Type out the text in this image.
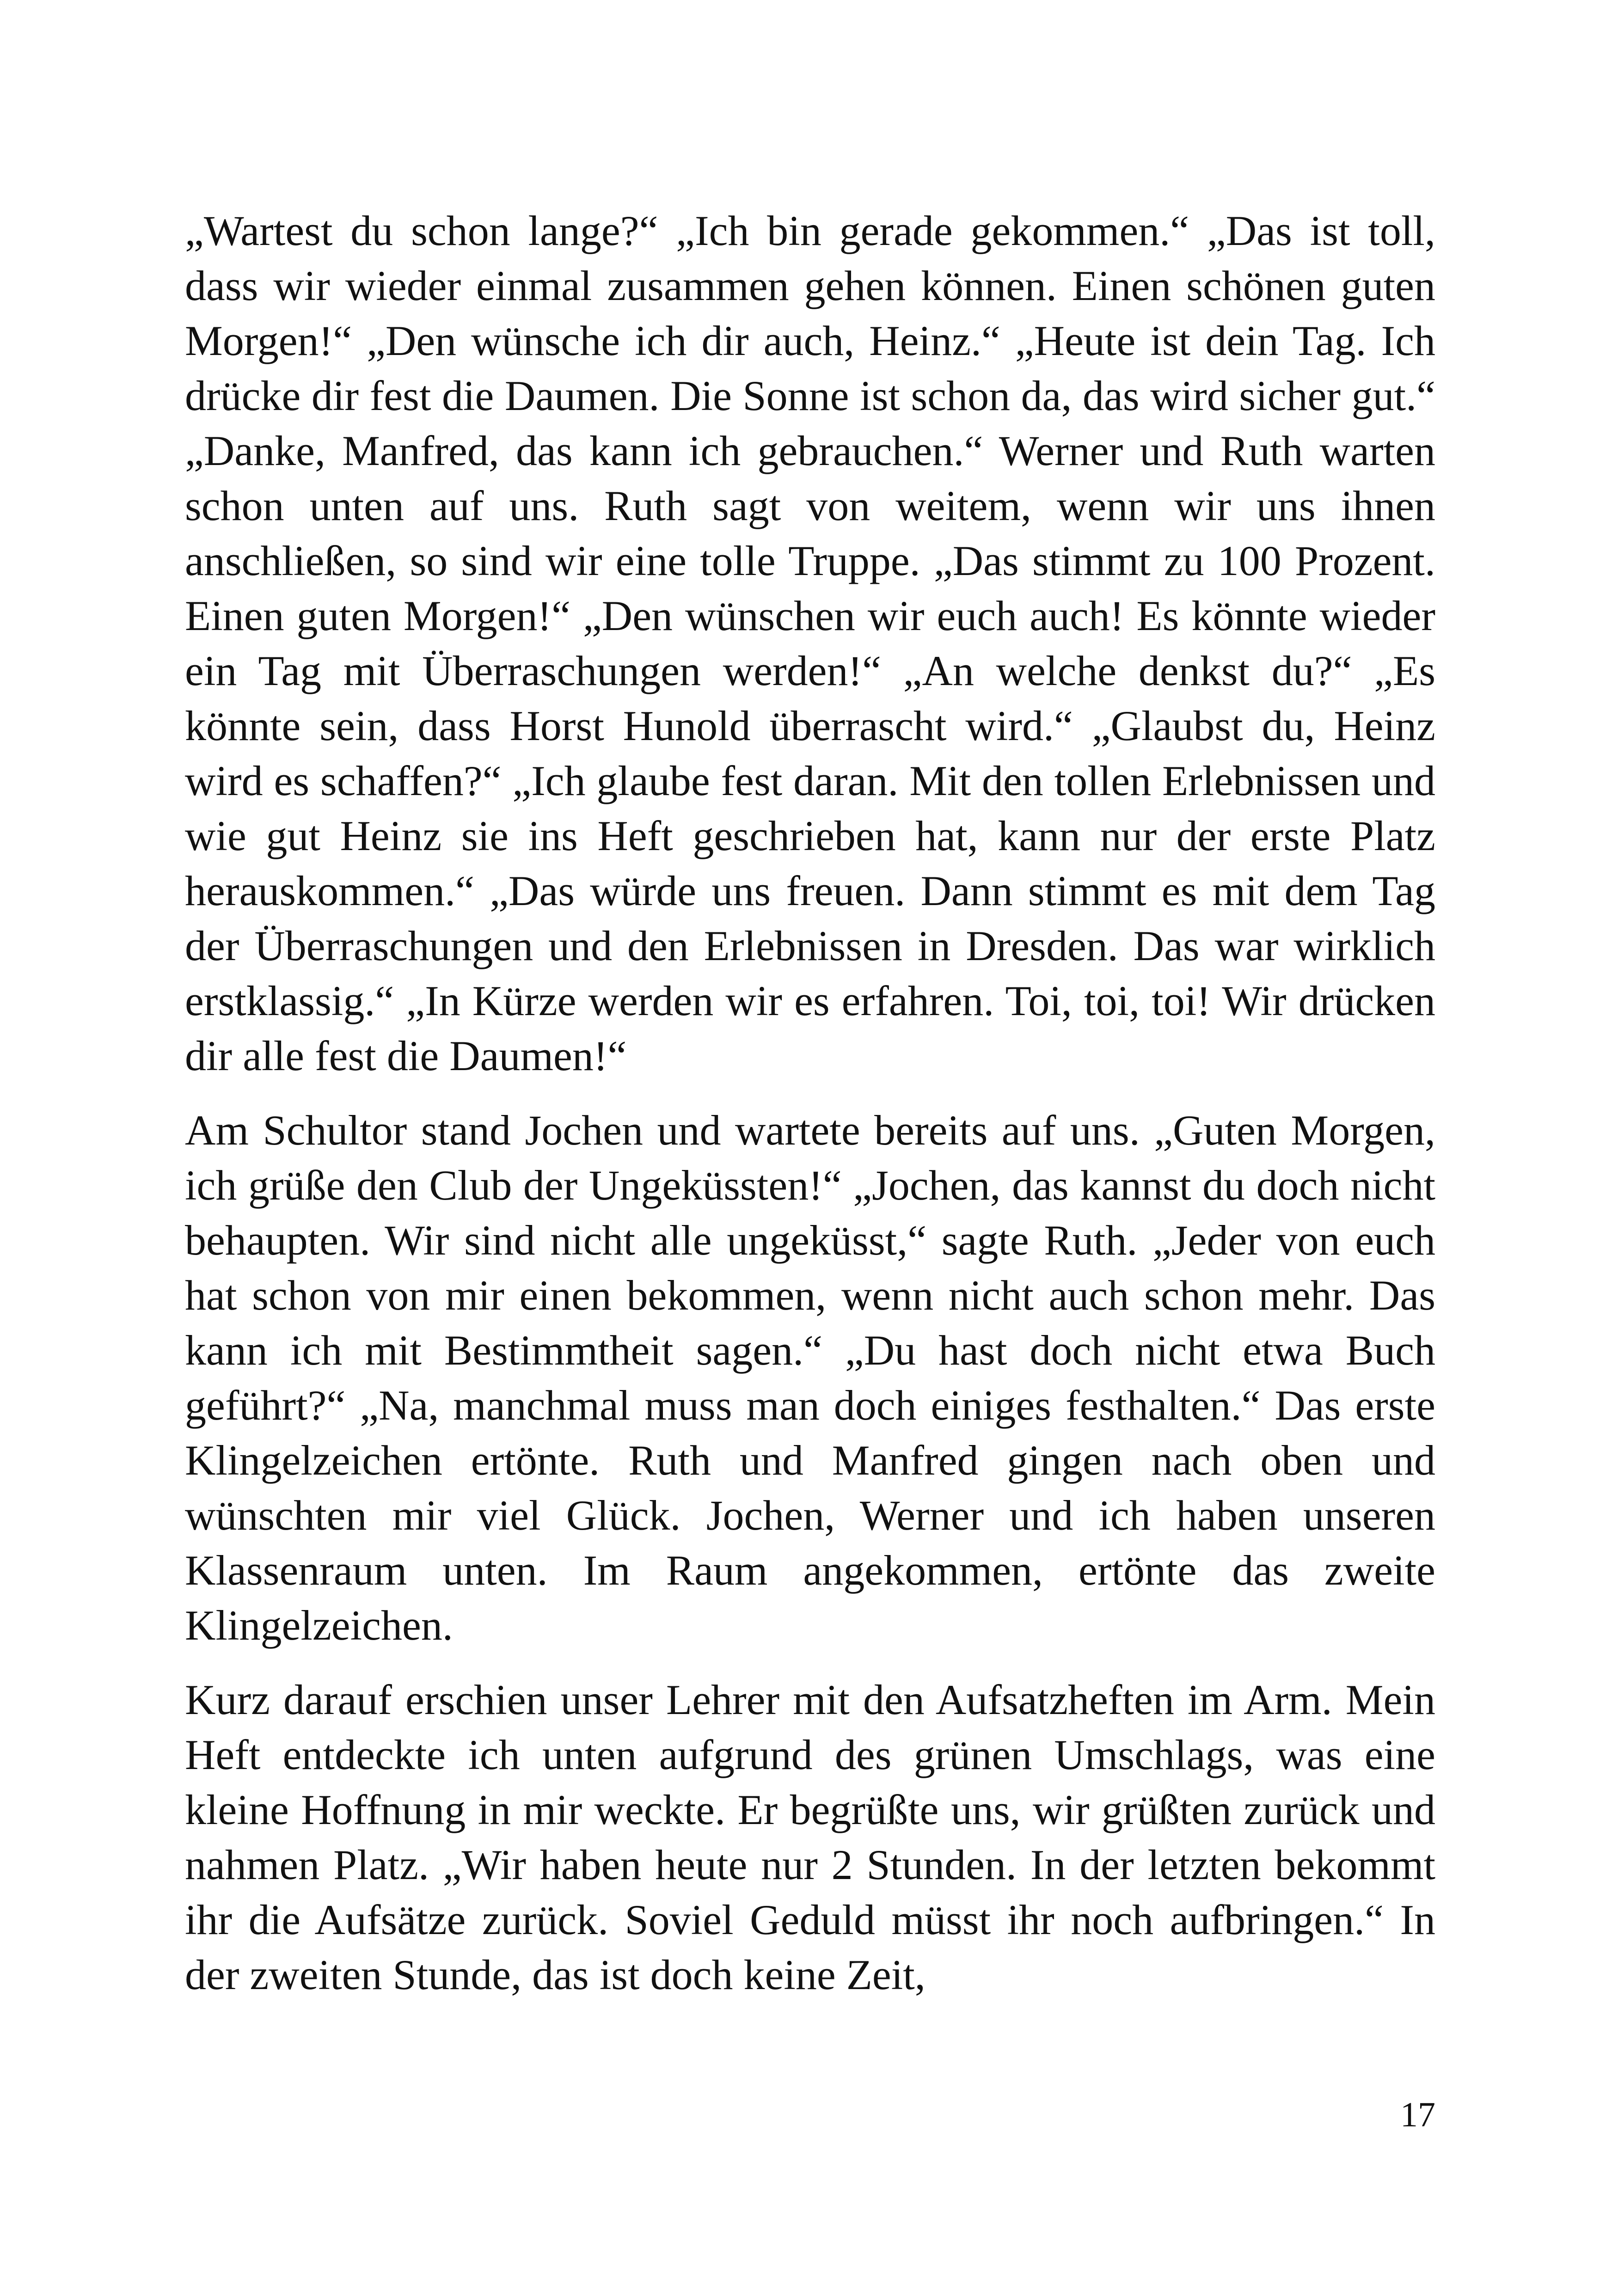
„Wartest du schon lange?“ „Ich bin gerade gekommen.“ „Das ist toll, dass wir wieder einmal zusammen gehen können. Einen schönen guten Morgen!“ „Den wünsche ich dir auch, Heinz.“ „Heute ist dein Tag. Ich drücke dir fest die Daumen. Die Sonne ist schon da, das wird sicher gut.“ „Danke, Manfred, das kann ich gebrauchen.“ Werner und Ruth warten schon unten auf uns. Ruth sagt von weitem, wenn wir uns ihnen anschließen, so sind wir eine tolle Truppe. „Das stimmt zu 100 Prozent. Einen guten Morgen!“ „Den wünschen wir euch auch! Es könnte wieder ein Tag mit Überraschungen werden!“ „An welche denkst du?“ „Es könnte sein, dass Horst Hunold überrascht wird.“ „Glaubst du, Heinz wird es schaffen?“ „Ich glaube fest daran. Mit den tollen Erlebnissen und wie gut Heinz sie ins Heft geschrieben hat, kann nur der erste Platz herauskommen.“ „Das würde uns freuen. Dann stimmt es mit dem Tag der Überraschungen und den Erlebnissen in Dresden. Das war wirklich erstklassig.“ „In Kürze werden wir es erfahren. Toi, toi, toi! Wir drücken dir alle fest die Daumen!“

Am Schultor stand Jochen und wartete bereits auf uns. „Guten Morgen, ich grüße den Club der Ungeküssten!“ „Jochen, das kannst du doch nicht behaupten. Wir sind nicht alle ungeküsst,“ sagte Ruth. „Jeder von euch hat schon von mir einen bekommen, wenn nicht auch schon mehr. Das kann ich mit Bestimmtheit sagen.“ „Du hast doch nicht etwa Buch geführt?“ „Na, manchmal muss man doch einiges festhalten.“ Das erste Klingelzeichen ertönte. Ruth und Manfred gingen nach oben und wünschten mir viel Glück. Jochen, Werner und ich haben unseren Klassenraum unten. Im Raum angekommen, ertönte das zweite Klingelzeichen.

Kurz darauf erschien unser Lehrer mit den Aufsatzheften im Arm. Mein Heft entdeckte ich unten aufgrund des grünen Umschlags, was eine kleine Hoffnung in mir weckte. Er begrüßte uns, wir grüßten zurück und nahmen Platz. „Wir haben heute nur 2 Stunden. In der letzten bekommt ihr die Aufsätze zurück. Soviel Geduld müsst ihr noch aufbringen.“ In der zweiten Stunde, das ist doch keine Zeit,

17
